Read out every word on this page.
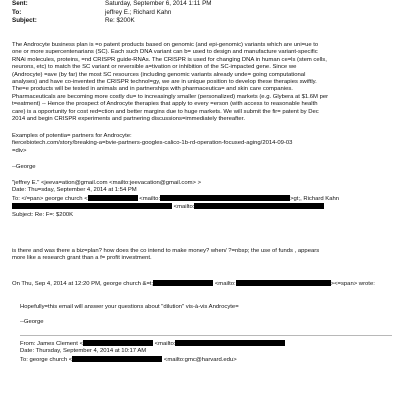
Sent:	Saturday, September 6, 2014 1:11 PM
To:	jeffrey E.; Richard Kahn
Subject:	Re: $200K

The Androcyte business plan is =o patent products based on genomic (and epi-genomic) variants which are uni=ue to

one or more supercentenarians (SC). Each such DNA variant can b= used to design and manufacture variant-specific

RNAi molecules, proteins, =nd CRISPR guide-RNAs. The CRISPR is used for changing DNA in human ce=ls (stem cells,

neurons, etc) to match the SC variant or reversible a=tivation or inhibition of the SC-impacted gene. Since we

(Androcyte) =ave (by far) the most SC resources (including genomic variants already unde= going computational

analyses) and have co-invented the CRISPR technol=gy, we are in unique position to develop these therapies swiftly.

The=e products will be tested in animals and in partnerships with pharmaceutica= and skin care companies.

Pharmaceuticals are becoming more costly du= to increasingly smaller (personalized) markets (e.g. Glybera at $1.6M per

t=eatment) -- Hence the prospect of Androcyte therapies that apply to every =erson (with access to reasonable health

care) is a opportunity for cost red=ction and better margins due to huge markets. We will submit the fir= patent by Dec

2014 and begin CRISPR experiments and partnering discussions=immediately thereafter.

Examples of potentia= partners for Androcyte:

fiercebiotech.com/story/breaking-a=bvie-partners-googles-calico-1b-rd-operation-focused-aging/2014-09-03

=div>

--George

"jeffrey E." <jeeva=ation@gmail.com <mailto:jeevacation@gmail.com> >

Date: Thu=sday, September 4, 2014 at 1:54 PM

To: </=pan> george church <	<mailto:	>gt;, Richard Kahn

<mailto:

Subject: Re: F=: $200K

is there and was there a biz=plan? how does the co intend to make money? when/ ?=nbsp; the use of funds , appears

more like a research grant than a f= profit investment.

On Thu, Sep 4, 2014 at 12:20 PM, george church &=t;	<mailto:	><=span> wrote:

Hopefully=this email will answer your questions about "dilution" vis-à-vis Androcyte=

--George

From: James Clement <	<mailto:

Date: Thursday, September 4, 2014 at 10:17 AM

To: george church <	<mailto:gmc@harvard.edu>
